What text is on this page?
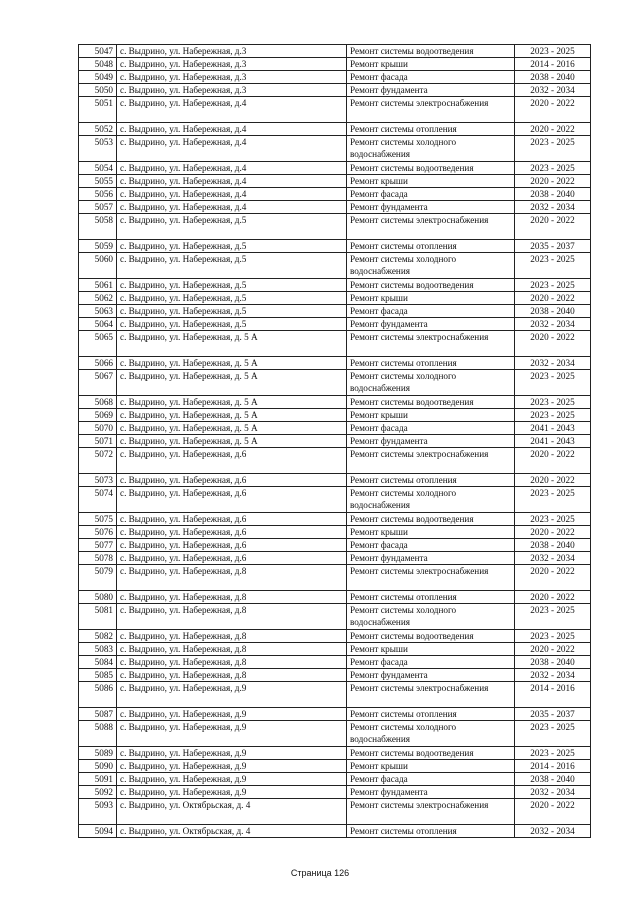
5047	с. Выдрино, ул. Набережная, д.3	Ремонт системы водоотведения	2023 - 2025
5048	с. Выдрино, ул. Набережная, д.3	Ремонт крыши	2014 - 2016
5049	с. Выдрино, ул. Набережная, д.3	Ремонт фасада	2038 - 2040
5050	с. Выдрино, ул. Набережная, д.3	Ремонт фундамента	2032 - 2034
5051	с. Выдрино, ул. Набережная, д.4	Ремонт системы электроснабжения	2020 - 2022
5052	с. Выдрино, ул. Набережная, д.4	Ремонт системы отопления	2020 - 2022
5053	с. Выдрино, ул. Набережная, д.4	Ремонт системы холодного водоснабжения	2023 - 2025
5054	с. Выдрино, ул. Набережная, д.4	Ремонт системы водоотведения	2023 - 2025
5055	с. Выдрино, ул. Набережная, д.4	Ремонт крыши	2020 - 2022
5056	с. Выдрино, ул. Набережная, д.4	Ремонт фасада	2038 - 2040
5057	с. Выдрино, ул. Набережная, д.4	Ремонт фундамента	2032 - 2034
5058	с. Выдрино, ул. Набережная, д.5	Ремонт системы электроснабжения	2020 - 2022
5059	с. Выдрино, ул. Набережная, д.5	Ремонт системы отопления	2035 - 2037
5060	с. Выдрино, ул. Набережная, д.5	Ремонт системы холодного водоснабжения	2023 - 2025
5061	с. Выдрино, ул. Набережная, д.5	Ремонт системы водоотведения	2023 - 2025
5062	с. Выдрино, ул. Набережная, д.5	Ремонт крыши	2020 - 2022
5063	с. Выдрино, ул. Набережная, д.5	Ремонт фасада	2038 - 2040
5064	с. Выдрино, ул. Набережная, д.5	Ремонт фундамента	2032 - 2034
5065	с. Выдрино, ул. Набережная, д. 5 А	Ремонт системы электроснабжения	2020 - 2022
5066	с. Выдрино, ул. Набережная, д. 5 А	Ремонт системы отопления	2032 - 2034
5067	с. Выдрино, ул. Набережная, д. 5 А	Ремонт системы холодного водоснабжения	2023 - 2025
5068	с. Выдрино, ул. Набережная, д. 5 А	Ремонт системы водоотведения	2023 - 2025
5069	с. Выдрино, ул. Набережная, д. 5 А	Ремонт крыши	2023 - 2025
5070	с. Выдрино, ул. Набережная, д. 5 А	Ремонт фасада	2041 - 2043
5071	с. Выдрино, ул. Набережная, д. 5 А	Ремонт фундамента	2041 - 2043
5072	с. Выдрино, ул. Набережная, д.6	Ремонт системы электроснабжения	2020 - 2022
5073	с. Выдрино, ул. Набережная, д.6	Ремонт системы отопления	2020 - 2022
5074	с. Выдрино, ул. Набережная, д.6	Ремонт системы холодного водоснабжения	2023 - 2025
5075	с. Выдрино, ул. Набережная, д.6	Ремонт системы водоотведения	2023 - 2025
5076	с. Выдрино, ул. Набережная, д.6	Ремонт крыши	2020 - 2022
5077	с. Выдрино, ул. Набережная, д.6	Ремонт фасада	2038 - 2040
5078	с. Выдрино, ул. Набережная, д.6	Ремонт фундамента	2032 - 2034
5079	с. Выдрино, ул. Набережная, д.8	Ремонт системы электроснабжения	2020 - 2022
5080	с. Выдрино, ул. Набережная, д.8	Ремонт системы отопления	2020 - 2022
5081	с. Выдрино, ул. Набережная, д.8	Ремонт системы холодного водоснабжения	2023 - 2025
5082	с. Выдрино, ул. Набережная, д.8	Ремонт системы водоотведения	2023 - 2025
5083	с. Выдрино, ул. Набережная, д.8	Ремонт крыши	2020 - 2022
5084	с. Выдрино, ул. Набережная, д.8	Ремонт фасада	2038 - 2040
5085	с. Выдрино, ул. Набережная, д.8	Ремонт фундамента	2032 - 2034
5086	с. Выдрино, ул. Набережная, д.9	Ремонт системы электроснабжения	2014 - 2016
5087	с. Выдрино, ул. Набережная, д.9	Ремонт системы отопления	2035 - 2037
5088	с. Выдрино, ул. Набережная, д.9	Ремонт системы холодного водоснабжения	2023 - 2025
5089	с. Выдрино, ул. Набережная, д.9	Ремонт системы водоотведения	2023 - 2025
5090	с. Выдрино, ул. Набережная, д.9	Ремонт крыши	2014 - 2016
5091	с. Выдрино, ул. Набережная, д.9	Ремонт фасада	2038 - 2040
5092	с. Выдрино, ул. Набережная, д.9	Ремонт фундамента	2032 - 2034
5093	с. Выдрино, ул. Октябрьская, д. 4	Ремонт системы электроснабжения	2020 - 2022
5094	с. Выдрино, ул. Октябрьская, д. 4	Ремонт системы отопления	2032 - 2034
Страница 126
